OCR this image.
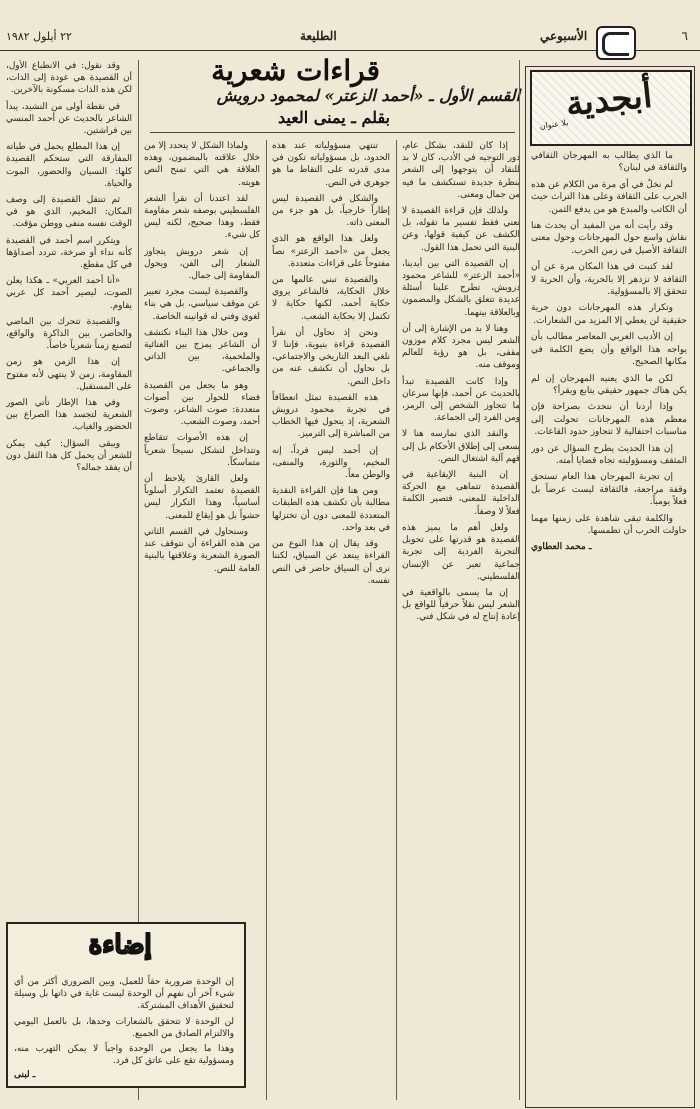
٢٢ أيلول ١٩٨٢	الطليعة	الأسبوعي	٦
أبجدية
بلا عنوان

ما الذي يطالب به المهرجان الثقافي والثقافة في لبنان؟

لم نخلُ في أي مرة من الكلام عن هذه الحرب على الثقافة وعلى هذا التراث حيث أن الكاتب والمبدع هو من يدفع الثمن.

وقد رأيت أنه من المفيد أن يحدث هنا نقاش واسع حول المهرجانات وحول معنى الثقافة الأصيل في زمن الحرب.

لقد كتبت في هذا المكان مرة عن أن الثقافة لا تزدهر إلا بالحرية، وأن الحرية لا تتحقق إلا بالمسؤولية.

وتكرار هذه المهرجانات دون حرية حقيقية لن يعطي إلا المزيد من الشعارات.

إن الأديب العربي المعاصر مطالب بأن يواجه هذا الواقع وأن يضع الكلمة في مكانها الصحيح.

لكن ما الذي يعنيه المهرجان إن لم يكن هناك جمهور حقيقي يتابع ويقرأ؟

وإذا أردنا أن نتحدث بصراحة فإن معظم هذه المهرجانات تحولت إلى مناسبات احتفالية لا تتجاوز حدود القاعات.

إن هذا الحديث يطرح السؤال عن دور المثقف ومسؤوليته تجاه قضايا أمته.

إن تجربة المهرجان هذا العام تستحق وقفة مراجعة، فالثقافة ليست عرضاً بل فعلاً يومياً.

والكلمة تبقى شاهدة على زمنها مهما حاولت الحرب أن تطمسها.

ـ محمد العطاوي

قراءات شعرية
القسم الأول ـ «أحمد الزعتر» لمحمود درويش
بقلم ـ يمنى العيد

إذا كان للنقد، بشكل عام، دور التوجيه في الأدب، كان لا بد للنقاد أن يتوجهوا إلى الشعر بنظرة جديدة تستكشف ما فيه من جمال ومعنى.

ولذلك فإن قراءة القصيدة لا تعني فقط تفسير ما تقوله، بل الكشف عن كيفية قولها، وعن البنية التي تحمل هذا القول.

إن القصيدة التي بين أيدينا، «أحمد الزعتر» للشاعر محمود درويش، تطرح علينا أسئلة عديدة تتعلق بالشكل والمضمون وبالعلاقة بينهما.

وهنا لا بد من الإشارة إلى أن الشعر ليس مجرد كلام موزون مقفى، بل هو رؤية للعالم وموقف منه.

وإذا كانت القصيدة تبدأ بالحديث عن أحمد، فإنها سرعان ما تتجاوز الشخص إلى الرمز، ومن الفرد إلى الجماعة.

والنقد الذي نمارسه هنا لا يسعى إلى إطلاق الأحكام بل إلى فهم آلية اشتغال النص.

إن البنية الإيقاعية في القصيدة تتماهى مع الحركة الداخلية للمعنى، فتصير الكلمة فعلاً لا وصفاً.

ولعل أهم ما يميز هذه القصيدة هو قدرتها على تحويل التجربة الفردية إلى تجربة جماعية تعبر عن الإنسان الفلسطيني.

إن ما يسمى بالواقعية في الشعر ليس نقلاً حرفياً للواقع بل إعادة إنتاج له في شكل فني.

تنتهي مسؤولياته عند هذه الحدود، بل مسؤولياته تكون في مدى قدرته على التقاط ما هو جوهري في النص.

والشكل في القصيدة ليس إطاراً خارجياً، بل هو جزء من المعنى ذاته.

ولعل هذا الواقع هو الذي يجعل من «أحمد الزعتر» نصاً مفتوحاً على قراءات متعددة.

والقصيدة تبني عالمها من خلال الحكاية، فالشاعر يروي حكاية أحمد، لكنها حكاية لا تكتمل إلا بحكاية الشعب.

ونحن إذ نحاول أن نقرأ القصيدة قراءة بنيوية، فإننا لا نلغي البعد التاريخي والاجتماعي، بل نحاول أن نكشف عنه من داخل النص.

هذه القصيدة تمثل انعطافاً في تجربة محمود درويش الشعرية، إذ يتحول فيها الخطاب من المباشرة إلى الترميز.

إن أحمد ليس فرداً، إنه المخيم، والثورة، والمنفى، والوطن معاً.

ومن هنا فإن القراءة النقدية مطالبة بأن تكشف هذه الطبقات المتعددة للمعنى دون أن تختزلها في بعد واحد.

وقد يقال إن هذا النوع من القراءة يبتعد عن السياق، لكننا نرى أن السياق حاضر في النص نفسه.

ولماذا الشكل لا يتحدد إلا من خلال علاقته بالمضمون، وهذه العلاقة هي التي تمنح النص هويته.

لقد اعتدنا أن نقرأ الشعر الفلسطيني بوصفه شعر مقاومة فقط، وهذا صحيح، لكنه ليس كل شيء.

إن شعر درويش يتجاوز الشعار إلى الفن، ويحول المقاومة إلى جمال.

والقصيدة ليست مجرد تعبير عن موقف سياسي، بل هي بناء لغوي وفني له قوانينه الخاصة.

ومن خلال هذا البناء نكتشف أن الشاعر يمزج بين الغنائية والملحمية، بين الذاتي والجماعي.

وهو ما يجعل من القصيدة فضاء للحوار بين أصوات متعددة: صوت الشاعر، وصوت أحمد، وصوت الشعب.

إن هذه الأصوات تتقاطع وتتداخل لتشكل نسيجاً شعرياً متماسكاً.

ولعل القارئ يلاحظ أن القصيدة تعتمد التكرار أسلوباً أساسياً، وهذا التكرار ليس حشواً بل هو إيقاع للمعنى.

وسنحاول في القسم الثاني من هذه القراءة أن نتوقف عند الصورة الشعرية وعلاقتها بالبنية العامة للنص.

وقد نقول: في الانطباع الأول، أن القصيدة هي عودة إلى الذات، لكن هذه الذات مسكونة بالآخرين.

في نقطة أولى من النشيد، يبدأ الشاعر بالحديث عن أحمد المنسي بين فراشتين.

إن هذا المطلع يحمل في طياته المفارقة التي ستحكم القصيدة كلها: النسيان والحضور، الموت والحياة.

ثم تنتقل القصيدة إلى وصف المكان: المخيم، الذي هو في الوقت نفسه منفى ووطن مؤقت.

ويتكرر اسم أحمد في القصيدة كأنه نداء أو صرخة، تتردد أصداؤها في كل مقطع.

«أنا أحمد العربي» ـ هكذا يعلن الصوت، ليصير أحمد كل عربي يقاوم.

والقصيدة تتحرك بين الماضي والحاضر، بين الذاكرة والواقع، لتصنع زمناً شعرياً خاصاً.

إن هذا الزمن هو زمن المقاومة، زمن لا ينتهي لأنه مفتوح على المستقبل.

وفي هذا الإطار تأتي الصور الشعرية لتجسد هذا الصراع بين الحضور والغياب.

ويبقى السؤال: كيف يمكن للشعر أن يحمل كل هذا الثقل دون أن يفقد جماله؟

إضاءة

إن الوحدة ضرورية حقاً للعمل، وبين الضروري أكثر من أي شيء آخر أن نفهم أن الوحدة ليست غاية في ذاتها بل وسيلة لتحقيق الأهداف المشتركة.

لن الوحدة لا تتحقق بالشعارات وحدها، بل بالعمل اليومي والالتزام الصادق من الجميع.

وهذا ما يجعل من الوحدة واجباً لا يمكن التهرب منه، ومسؤولية تقع على عاتق كل فرد.

ـ لبنى
